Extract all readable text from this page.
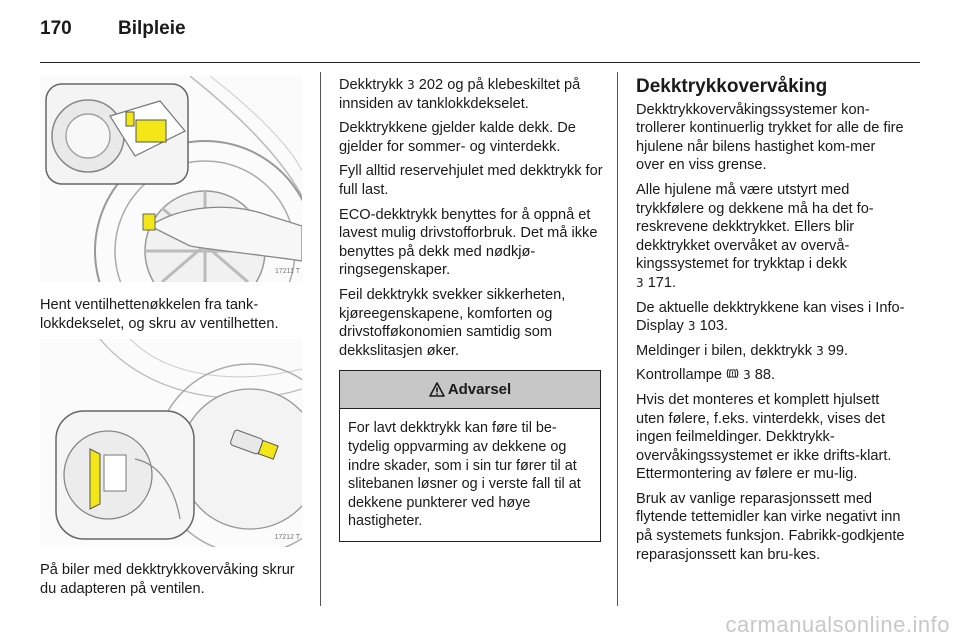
170	Bilpleie
17211 T

Hent ventilhettenøkkelen fra tank-lokkdekselet, og skru av ventilhetten.

17212 T

På biler med dekktrykkovervåking skrur du adapteren på ventilen.

Dekktrykk 3 202 og på klebeskiltet på innsiden av tanklokkdekselet.

Dekktrykkene gjelder kalde dekk. De gjelder for sommer- og vinterdekk.

Fyll alltid reservehjulet med dekktrykk for full last.

ECO-dekktrykk benyttes for å oppnå et lavest mulig drivstofforbruk. Det må ikke benyttes på dekk med nødkjø-ringsegenskaper.

Feil dekktrykk svekker sikkerheten, kjøreegenskapene, komforten og drivstofføkonomien samtidig som dekkslitasjen øker.

Advarsel
For lavt dekktrykk kan føre til be-tydelig oppvarming av dekkene og indre skader, som i sin tur fører til at slitebanen løsner og i verste fall til at dekkene punkterer ved høye hastigheter.
Dekktrykkovervåking

Dekktrykkovervåkingssystemer kon-trollerer kontinuerlig trykket for alle de fire hjulene når bilens hastighet kom-mer over en viss grense.

Alle hjulene må være utstyrt med trykkfølere og dekkene må ha det fo-reskrevene dekktrykket. Ellers blir dekktrykket overvåket av overvå-kingssystemet for trykktap i dekk
3 171.

De aktuelle dekktrykkene kan vises i Info-Display 3 103.

Meldinger i bilen, dekktrykk 3 99.

Kontrollampe  3 88.

Hvis det monteres et komplett hjulsett uten følere, f.eks. vinterdekk, vises det ingen feilmeldinger. Dekktrykk-overvåkingssystemet er ikke drifts-klart. Ettermontering av følere er mu-lig.

Bruk av vanlige reparasjonssett med flytende tettemidler kan virke negativt inn på systemets funksjon. Fabrikk-godkjente reparasjonssett kan bru-kes.

carmanualsonline.info
